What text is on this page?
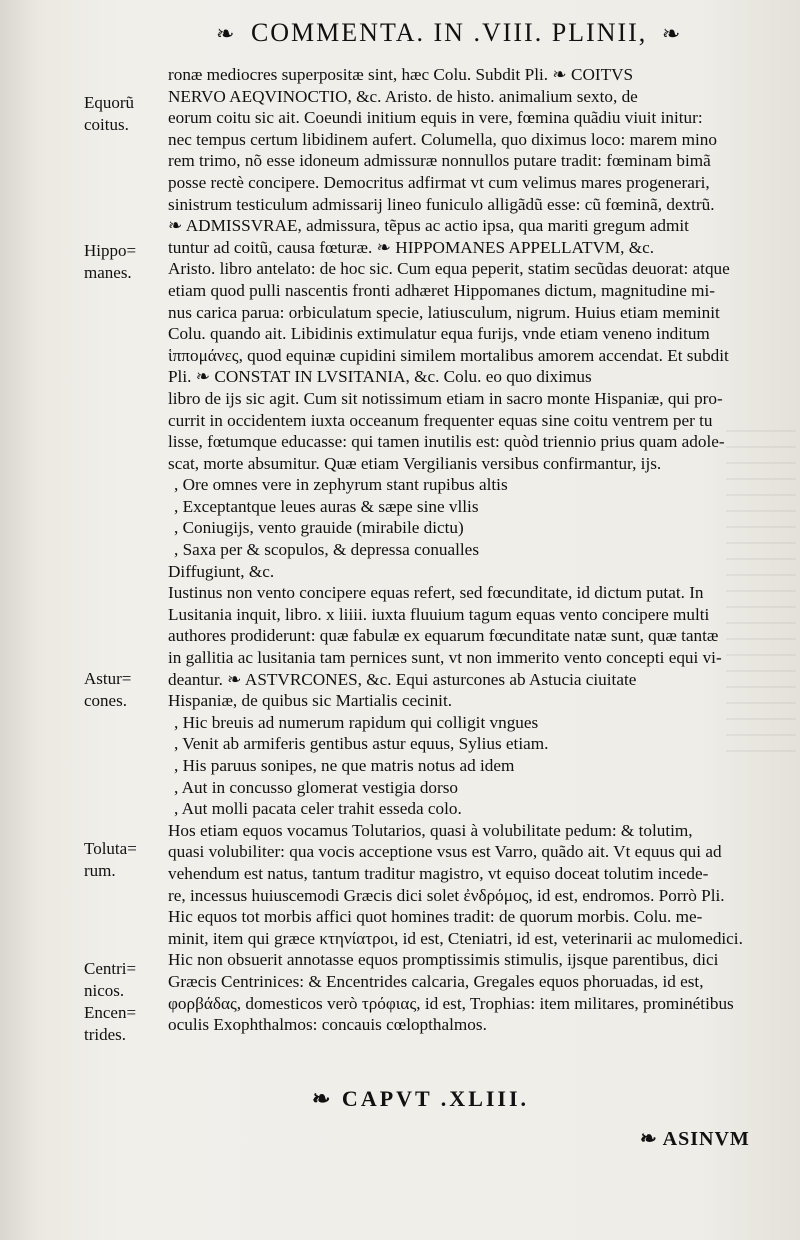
❧ COMMENTA. IN .VIII. PLINII, ❧
Equorũ coitus.
Hippo= manes.
Astur= cones.
Toluta= rum.
Centri= nicos.
Encen= trides.
ronæ mediocres superpositæ sint, hæc Colu. Subdit Pli. ❧ COITVS
NERVO AEQVINOCTIO, &c. Aristo. de histo. animalium sexto, de
eorum coitu sic ait. Coeundi initium equis in vere, fœmina quãdiu viuit initur:
nec tempus certum libidinem aufert. Columella, quo diximus loco: marem mino
rem trimo, nõ esse idoneum admissuræ nonnullos putare tradit: fœminam bimã
posse rectè concipere. Democritus adfirmat vt cum velimus mares progenerari,
sinistrum testiculum admissarij lineo funiculo alligãdũ esse: cũ fœminã, dextrũ.
❧ ADMISSVRAE, admissura, tẽpus ac actio ipsa, qua mariti gregum admit
tuntur ad coitũ, causa fœturæ. ❧ HIPPOMANES APPELLATVM, &c.
Aristo. libro antelato: de hoc sic. Cum equa peperit, statim secũdas deuorat: atque
etiam quod pulli nascentis fronti adhæret Hippomanes dictum, magnitudine mi-
nus carica parua: orbiculatum specie, latiusculum, nigrum. Huius etiam meminit
Colu. quando ait. Libidinis extimulatur equa furijs, vnde etiam veneno inditum
ἱππομάνες, quod equinæ cupidini similem mortalibus amorem accendat. Et subdit
Pli. ❧ CONSTAT IN LVSITANIA, &c. Colu. eo quo diximus
libro de ijs sic agit. Cum sit notissimum etiam in sacro monte Hispaniæ, qui pro-
currit in occidentem iuxta occeanum frequenter equas sine coitu ventrem per tu
lisse, fœtumque educasse: qui tamen inutilis est: quòd triennio prius quam adole-
scat, morte absumitur. Quæ etiam Vergilianis versibus confirmantur, ijs.
, Ore omnes vere in zephyrum stant rupibus altis
, Exceptantque leues auras & sæpe sine vllis
, Coniugijs, vento grauide (mirabile dictu)
, Saxa per & scopulos, & depressa conualles
Diffugiunt, &c.
Iustinus non vento concipere equas refert, sed fœcunditate, id dictum putat. In
Lusitania inquit, libro. x liiii. iuxta fluuium tagum equas vento concipere multi
authores prodiderunt: quæ fabulæ ex equarum fœcunditate natæ sunt, quæ tantæ
in gallitia ac lusitania tam pernices sunt, vt non immerito vento concepti equi vi-
deantur. ❧ ASTVRCONES, &c. Equi asturcones ab Astucia ciuitate
Hispaniæ, de quibus sic Martialis cecinit.
, Hic breuis ad numerum rapidum qui colligit vngues
, Venit ab armiferis gentibus astur equus, Sylius etiam.
, His paruus sonipes, ne que matris notus ad idem
, Aut in concusso glomerat vestigia dorso
, Aut molli pacata celer trahit essedа colo.
Hos etiam equos vocamus Tolutarios, quasi à volubilitate pedum: & tolutim,
quasi volubiliter: qua vocis acceptione vsus est Varro, quãdo ait. Vt equus qui ad
vehendum est natus, tantum traditur magistro, vt equiso doceat tolutim incede-
re, incessus huiuscemodi Græcis dici solet ἐνδρόμος, id est, endromos. Porrò Pli.
Hic equos tot morbis affici quot homines tradit: de quorum morbis. Colu. me-
minit, item qui græce κτηνίατροι, id est, Cteniatri, id est, veterinarii ac mulomedici.
Hic non obsuerit annotasse equos promptissimis stimulis, ijsque parentibus, dici
Græcis Centrinices: & Encentrides calcaria, Gregales equos phoruadas, id est,
φορβάδας, domesticos verò τρόφιας, id est, Trophias: item militares, prominétibus
oculis Exophthalmos: concauis cœlopthalmos.
❧ CAPVT .XLIII.
❧ ASINVM
